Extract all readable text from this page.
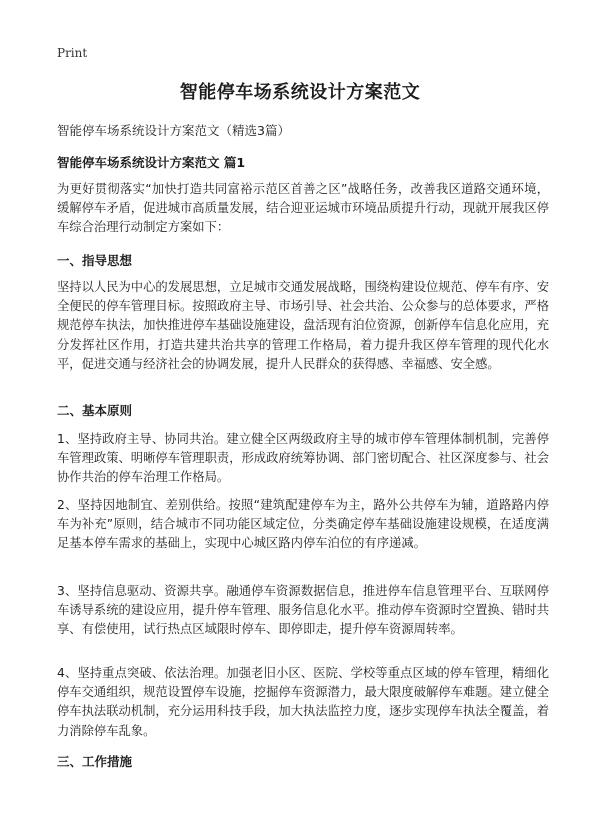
Print
智能停车场系统设计方案范文
智能停车场系统设计方案范文（精选3篇）
智能停车场系统设计方案范文 篇1
为更好贯彻落实“加快打造共同富裕示范区首善之区”战略任务，改善我区道路交通环境，缓解停车矛盾，促进城市高质量发展，结合迎亚运城市环境品质提升行动，现就开展我区停车综合治理行动制定方案如下：
一、指导思想
坚持以人民为中心的发展思想，立足城市交通发展战略，围绕构建设位规范、停车有序、安全便民的停车管理目标。按照政府主导、市场引导、社会共治、公众参与的总体要求，严格规范停车执法，加快推进停车基础设施建设，盘活现有泊位资源，创新停车信息化应用，充分发挥社区作用，打造共建共治共享的管理工作格局，着力提升我区停车管理的现代化水平，促进交通与经济社会的协调发展，提升人民群众的获得感、幸福感、安全感。
二、基本原则
1、坚持政府主导、协同共治。建立健全区两级政府主导的城市停车管理体制机制，完善停车管理政策、明晰停车管理职责，形成政府统筹协调、部门密切配合、社区深度参与、社会协作共治的停车治理工作格局。
2、坚持因地制宜、差别供给。按照“建筑配建停车为主，路外公共停车为辅，道路路内停车为补充”原则，结合城市不同功能区域定位，分类确定停车基础设施建设规模，在适度满足基本停车需求的基础上，实现中心城区路内停车泊位的有序递减。
3、坚持信息驱动、资源共享。融通停车资源数据信息，推进停车信息管理平台、互联网停车诱导系统的建设应用，提升停车管理、服务信息化水平。推动停车资源时空置换、错时共享、有偿使用，试行热点区域限时停车、即停即走，提升停车资源周转率。
4、坚持重点突破、依法治理。加强老旧小区、医院、学校等重点区域的停车管理，精细化停车交通组织，规范设置停车设施，挖掘停车资源潜力，最大限度破解停车难题。建立健全停车执法联动机制，充分运用科技手段，加大执法监控力度，逐步实现停车执法全覆盖，着力消除停车乱象。
三、工作措施
